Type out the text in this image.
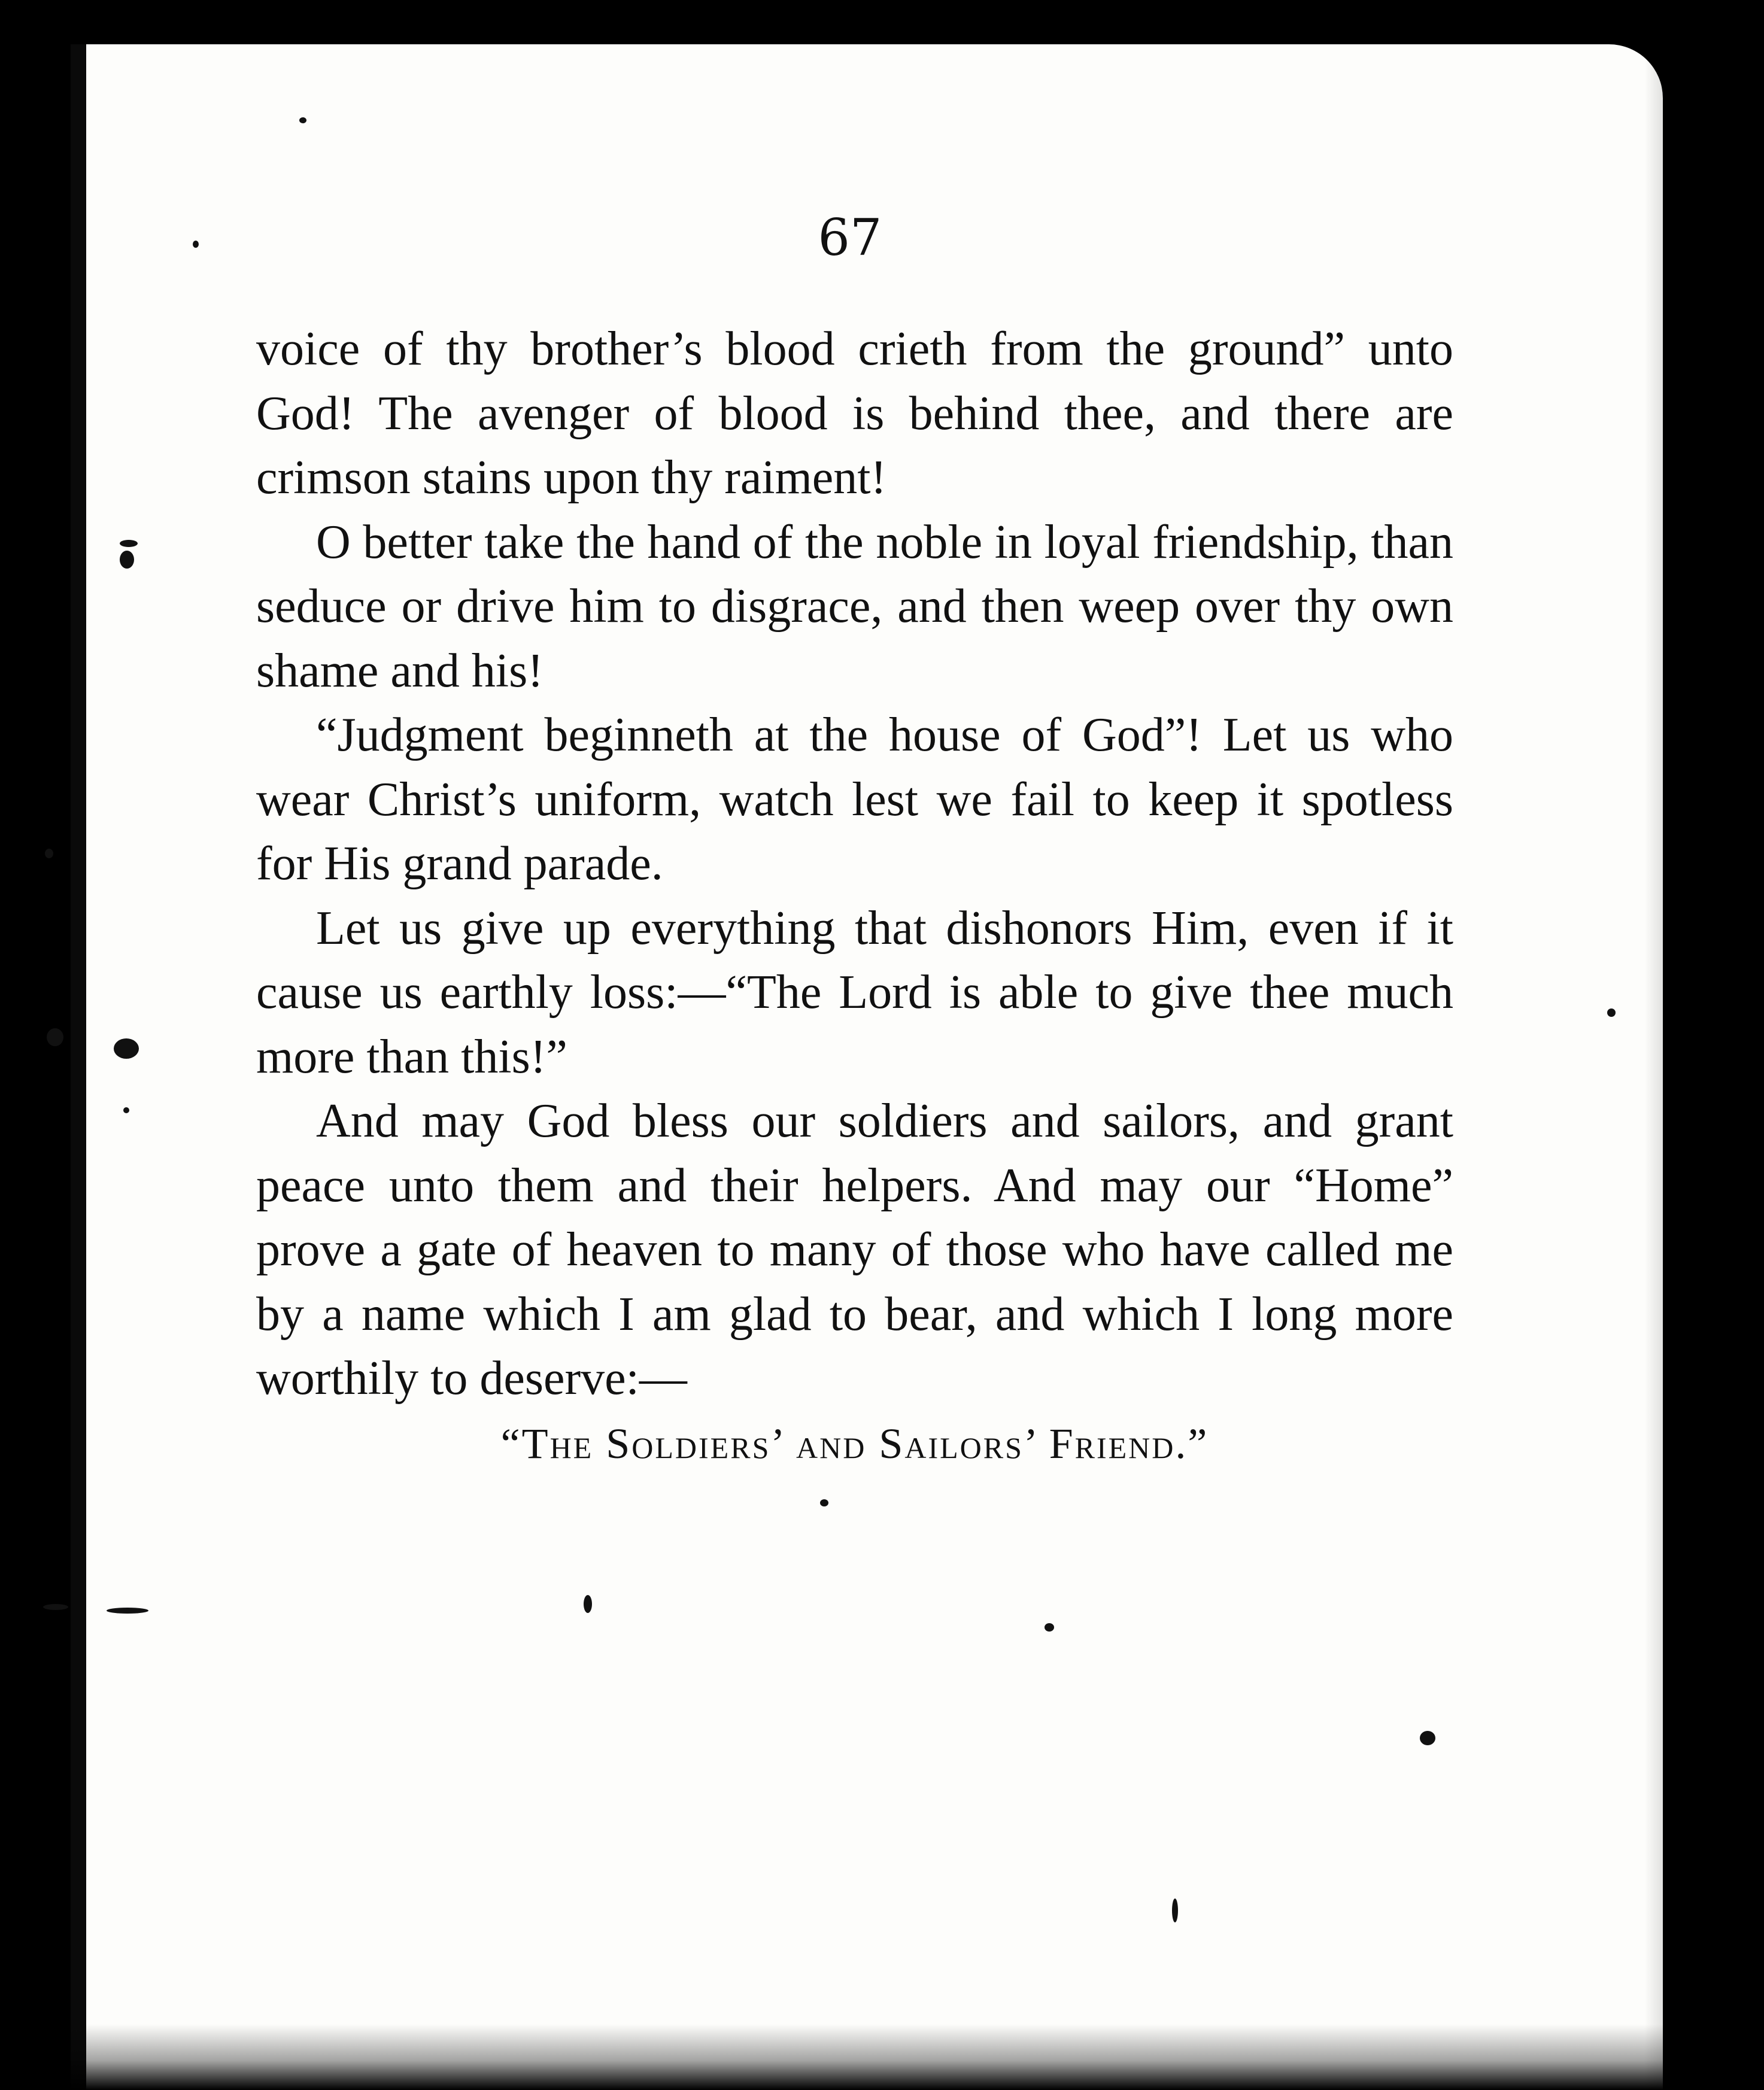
67

voice of thy brother’s blood crieth from the ground” unto God! The avenger of blood is behind thee, and there are crimson stains upon thy raiment!

O better take the hand of the noble in loyal friendship, than seduce or drive him to disgrace, and then weep over thy own shame and his!

“Judgment beginneth at the house of God”! Let us who wear Christ’s uniform, watch lest we fail to keep it spotless for His grand parade.

Let us give up everything that dishonors Him, even if it cause us earthly loss:—“The Lord is able to give thee much more than this!”

And may God bless our soldiers and sailors, and grant peace unto them and their helpers. And may our “Home” prove a gate of heaven to many of those who have called me by a name which I am glad to bear, and which I long more worthily to deserve:—

“The Soldiers’ and Sailors’ Friend.”
